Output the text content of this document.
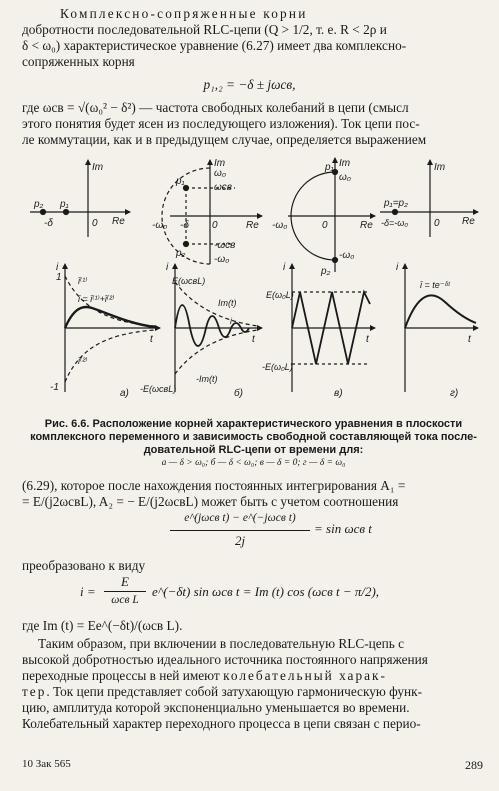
Комплексно-сопряженные корни
добротности последовательной RLC-цепи (Q > 1/2, т. е. R < 2ρ и
δ < ω₀) характеристическое уравнение (6.27) имеет два комплексно-
сопряженных корня
p₁,₂ = −δ ± jωсв,
где ωсв = √(ω₀² − δ²) — частота свободных колебаний в цепи (смысл
этого понятия будет ясен из последующего изложения). Ток цепи пос-
ле коммутации, как и в предыдущем случае, определяется выражением
Im
Re
p₂ p₁
-δ	0
Im
Re
p₁
p₂
ω₀
ωсв
-ωсв
-ω₀
-ω₀ -δ 0
Im
Re
ω₀
-ω₀
-ω₀	0
p₁
p₂
Im
Re
p₁=p₂
-δ=-ω₀	0
i
t
1
-1
ī⁽¹⁾
ī = ī⁽¹⁾+ī⁽²⁾
ī⁽²⁾
а)
i
t
E(ωсвL)
-E(ωсвL)
Im(t)
i
-Im(t)
б)
i
t
E(ω₀L)
-E(ω₀L)
в)
i
t
ī = te⁻ᵟᵗ
г)
Рис. 6.6. Расположение корней характеристического уравнения в плоскости
комплексного переменного и зависимость свободной составляющей тока после-
довательной RLC-цепи от времени для:
а — δ > ω₀; б — δ < ω₀; в — δ = 0; г — δ = ω₀
(6.29), которое после нахождения постоянных интегрирования A₁ =
= E/(j2ωсвL), A₂ = − E/(j2ωсвL) может быть с учетом соотношения
e^(jωсв t) − e^(−jωсв t)
2j
= sin ωсв t
преобразовано к виду
i =
E
ωсв L
e^(−δt) sin ωсв t = Im (t) cos (ωсв t − π/2),
где Im (t) = Ee^(−δt)/(ωсв L).
Таким образом, при включении в последовательную RLC-цепь с
высокой добротностью идеального источника постоянного напряжения
переходные процессы в ней имеют колебательный харак-
тер. Ток цепи представляет собой затухающую гармоническую функ-
цию, амплитуда которой экспоненциально уменьшается во времени.
Колебательный характер переходного процесса в цепи связан с перио-
10 Зак 565	289
